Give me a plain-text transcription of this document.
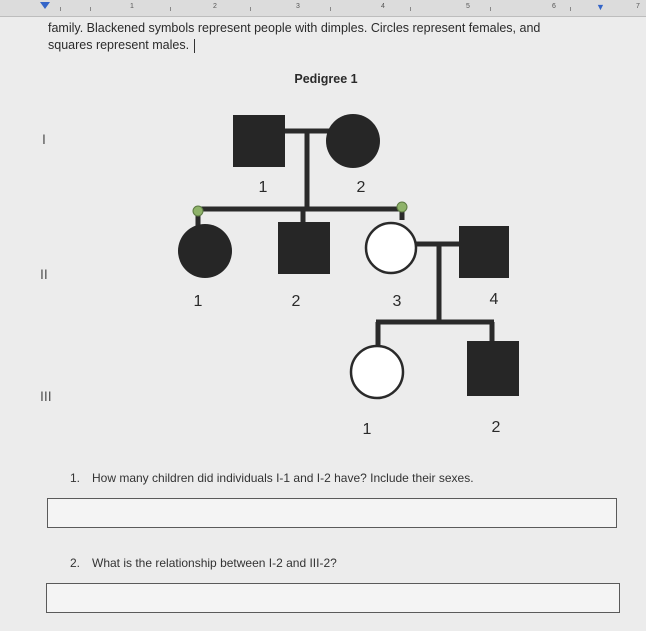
1	2	3	4	5	6	▼	7
family. Blackened symbols represent people with dimples. Circles represent females, and
squares represent males.
I
II
III
Pedigree 1
1	2
1	2	3	4
1	2
1. How many children did individuals I-1 and I-2 have? Include their sexes.
2. What is the relationship between I-2 and III-2?
